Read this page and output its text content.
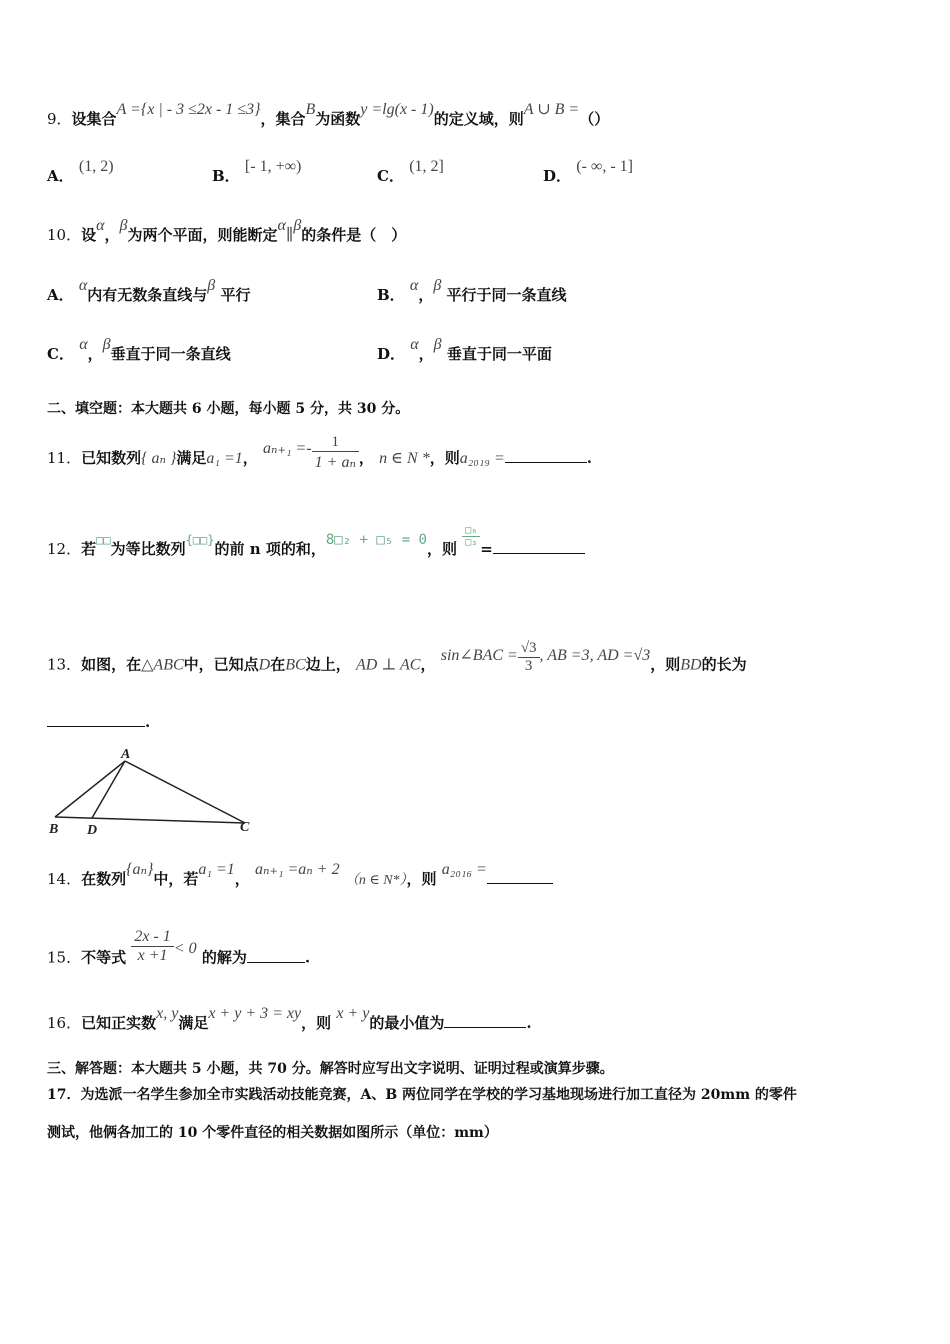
9．设集合A ={x | - 3 ≤2x - 1 ≤3}，集合B为函数y =lg(x - 1)的定义域，则A ∪ B =（）
A． (1, 2)
B． [- 1, +∞)
C． (1, 2]
D． (- ∞, - 1]
10．设α，β为两个平面，则能断定α∥β的条件是（　）
A． α内有无数条直线与β 平行	B． α，β 平行于同一条直线
C． α，β垂直于同一条直线	D． α，β 垂直于同一平面
二、填空题：本大题共 6 小题，每小题 5 分，共 30 分。
11．已知数列{ aₙ }满足a₁ =1， $a_{n+1} =- \frac{1}{\text{1 + aₙ}}$ ， n ∈ N *，则a₂₀₁₉ =	.
12．若□□为等比数列{□□}的前 n 项的和，8□₂ + □₅ = 0，则
$\frac{\text{□₆}}{\text{□₃}}$
=
13．如图，在△ABC中，已知点D在BC边上， AD ⊥ AC， sin∠BAC = $\frac{√3}{3}$ , AB =3, AD =√3，则BD的长为
.
A
B D	C
14．在数列{aₙ}中，若a₁ =1， aₙ₊₁ =aₙ + 2 （n ∈ N*），则 a₂₀₁₆ =
15．不等式 $\frac{2x - 1}{x +1} < 0$ 的解为	.
16．已知正实数x, y满足x + y + 3 = xy，则 x + y的最小值为	.
三、解答题：本大题共 5 小题，共 70 分。解答时应写出文字说明、证明过程或演算步骤。
17．为选派一名学生参加全市实践活动技能竞赛，A、B 两位同学在学校的学习基地现场进行加工直径为 20mm 的零件
测试，他俩各加工的 10 个零件直径的相关数据如图所示（单位：mm）
